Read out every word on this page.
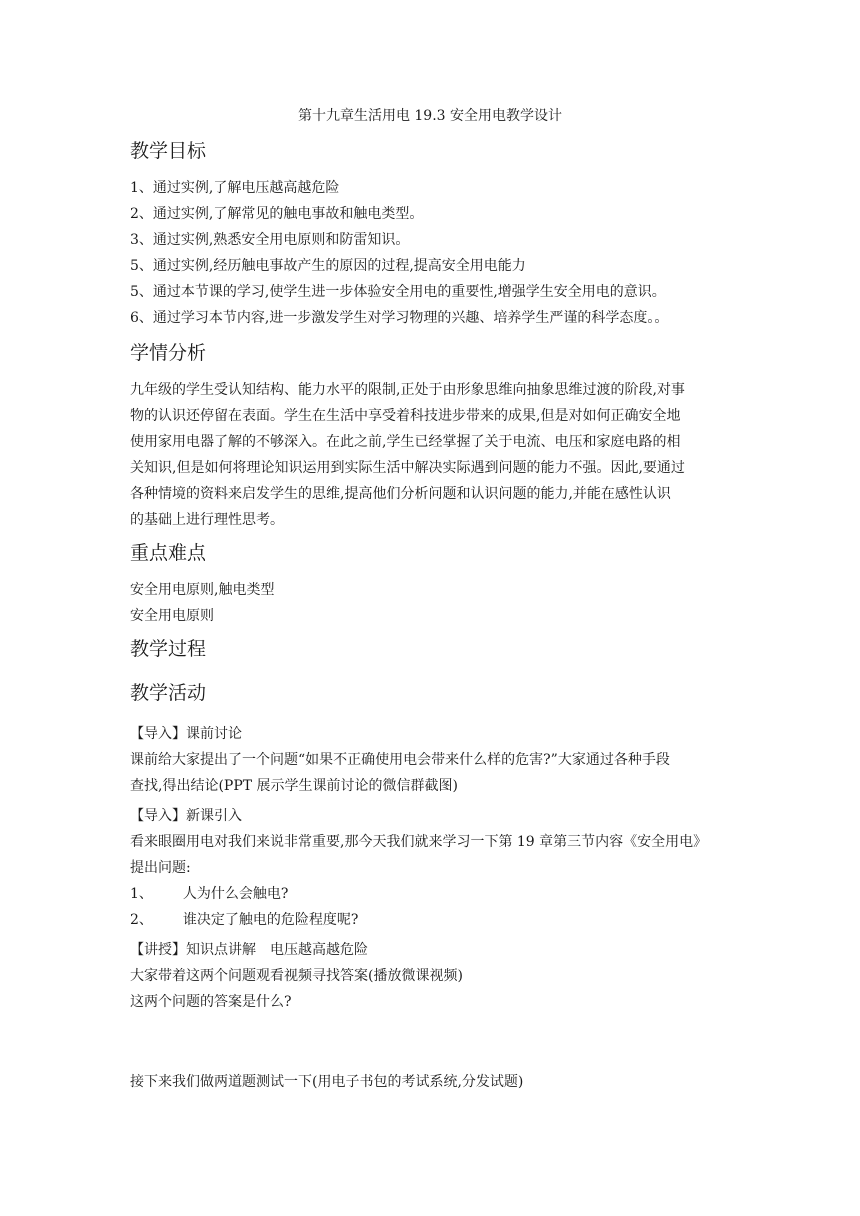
第十九章生活用电 19.3 安全用电教学设计
教学目标
1、通过实例,了解电压越高越危险
2、通过实例,了解常见的触电事故和触电类型。
3、通过实例,熟悉安全用电原则和防雷知识。
5、通过实例,经历触电事故产生的原因的过程,提高安全用电能力
5、通过本节课的学习,使学生进一步体验安全用电的重要性,增强学生安全用电的意识。
6、通过学习本节内容,进一步激发学生对学习物理的兴趣、培养学生严谨的科学态度。。
学情分析
九年级的学生受认知结构、能力水平的限制,正处于由形象思维向抽象思维过渡的阶段,对事
物的认识还停留在表面。学生在生活中享受着科技进步带来的成果,但是对如何正确安全地
使用家用电器了解的不够深入。在此之前,学生已经掌握了关于电流、电压和家庭电路的相
关知识,但是如何将理论知识运用到实际生活中解决实际遇到问题的能力不强。因此,要通过
各种情境的资料来启发学生的思维,提高他们分析问题和认识问题的能力,并能在感性认识
的基础上进行理性思考。
重点难点
安全用电原则,触电类型
安全用电原则
教学过程
教学活动
【导入】课前讨论
课前给大家提出了一个问题“如果不正确使用电会带来什么样的危害?”大家通过各种手段
查找,得出结论(PPT 展示学生课前讨论的微信群截图)
【导入】新课引入
看来眼圈用电对我们来说非常重要,那今天我们就来学习一下第 19 章第三节内容《安全用电》
提出问题:
1、 人为什么会触电?
2、 谁决定了触电的危险程度呢?
【讲授】知识点讲解　电压越高越危险
大家带着这两个问题观看视频寻找答案(播放微课视频)
这两个问题的答案是什么?
接下来我们做两道题测试一下(用电子书包的考试系统,分发试题)
